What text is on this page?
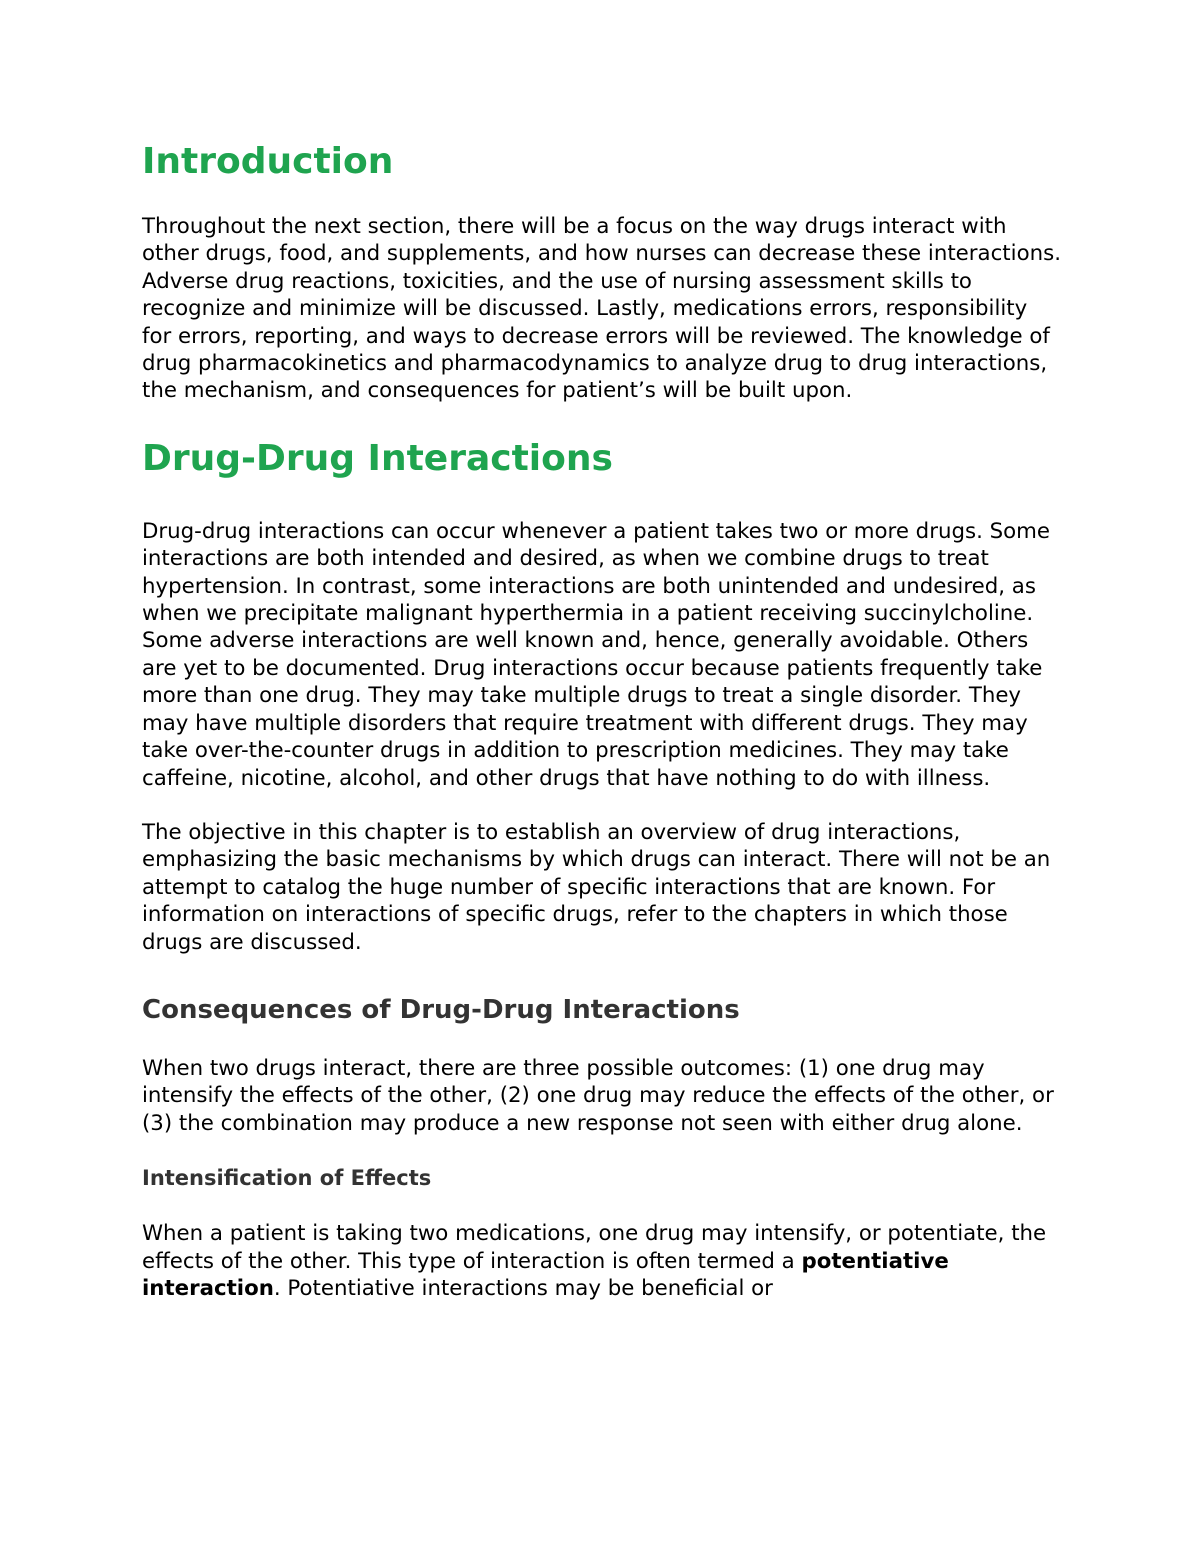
Introduction

Throughout the next section, there will be a focus on the way drugs interact with other drugs, food, and supplements, and how nurses can decrease these interactions. Adverse drug reactions, toxicities, and the use of nursing assessment skills to recognize and minimize will be discussed. Lastly, medications errors, responsibility for errors, reporting, and ways to decrease errors will be reviewed. The knowledge of drug pharmacokinetics and pharmacodynamics to analyze drug to drug interactions, the mechanism, and consequences for patient’s will be built upon.

Drug-Drug Interactions

Drug-drug interactions can occur whenever a patient takes two or more drugs. Some interactions are both intended and desired, as when we combine drugs to treat hypertension. In contrast, some interactions are both unintended and undesired, as when we precipitate malignant hyperthermia in a patient receiving succinylcholine. Some adverse interactions are well known and, hence, generally avoidable. Others are yet to be documented. Drug interactions occur because patients frequently take more than one drug. They may take multiple drugs to treat a single disorder. They may have multiple disorders that require treatment with different drugs. They may take over-the-counter drugs in addition to prescription medicines. They may take caffeine, nicotine, alcohol, and other drugs that have nothing to do with illness.

The objective in this chapter is to establish an overview of drug interactions, emphasizing the basic mechanisms by which drugs can interact. There will not be an attempt to catalog the huge number of specific interactions that are known. For information on interactions of specific drugs, refer to the chapters in which those drugs are discussed.

Consequences of Drug-Drug Interactions

When two drugs interact, there are three possible outcomes: (1) one drug may intensify the effects of the other, (2) one drug may reduce the effects of the other, or (3) the combination may produce a new response not seen with either drug alone.

Intensification of Effects

When a patient is taking two medications, one drug may intensify, or potentiate, the effects of the other. This type of interaction is often termed a potentiative interaction. Potentiative interactions may be beneficial or
